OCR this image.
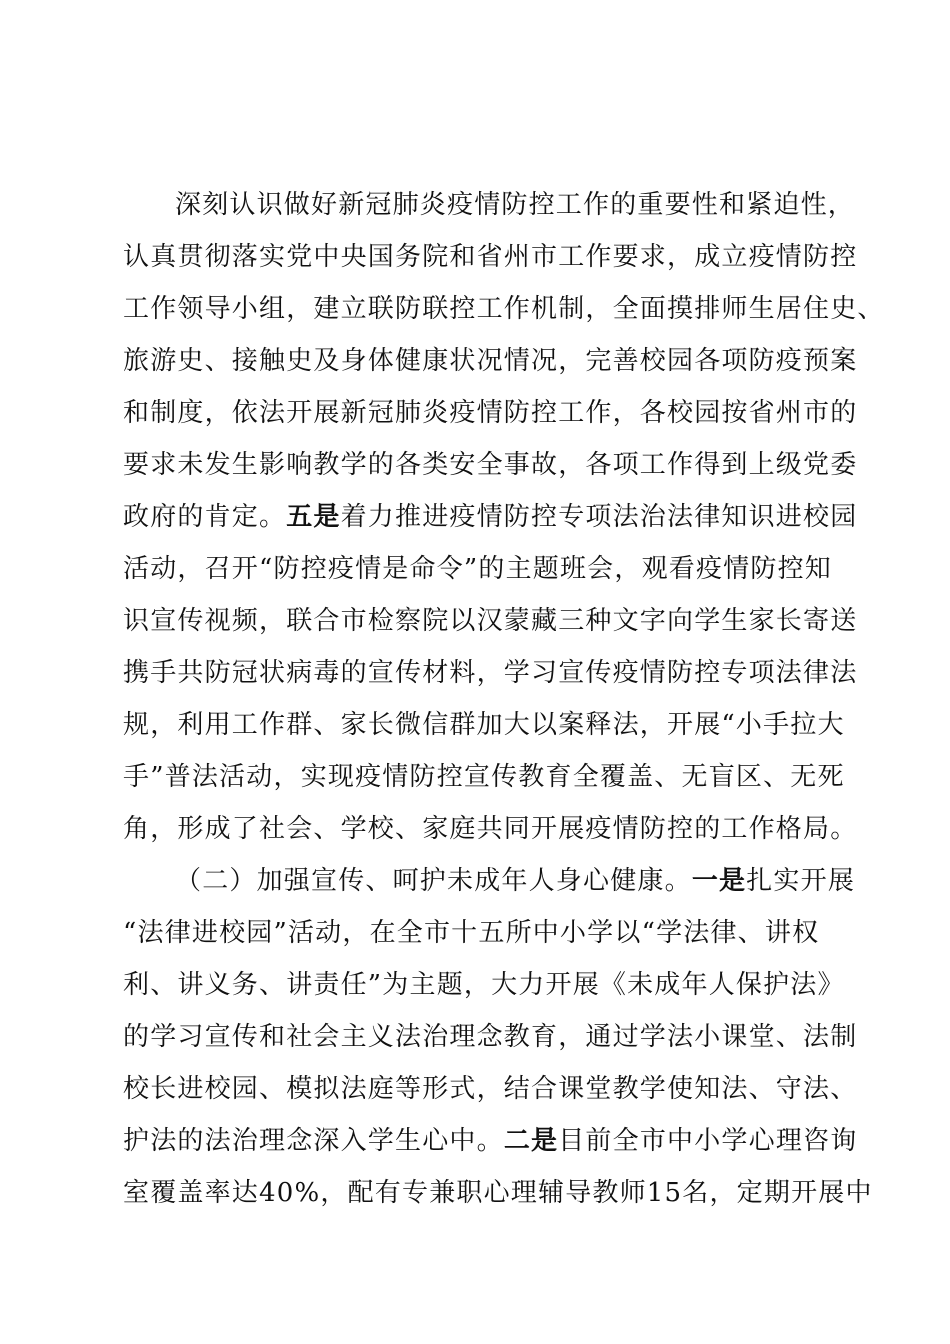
深刻认识做好新冠肺炎疫情防控工作的重要性和紧迫性，
认真贯彻落实党中央国务院和省州市工作要求，成立疫情防控
工作领导小组，建立联防联控工作机制，全面摸排师生居住史、
旅游史、接触史及身体健康状况情况，完善校园各项防疫预案
和制度，依法开展新冠肺炎疫情防控工作，各校园按省州市的
要求未发生影响教学的各类安全事故，各项工作得到上级党委
政府的肯定。五是着力推进疫情防控专项法治法律知识进校园
活动，召开“防控疫情是命令”的主题班会，观看疫情防控知
识宣传视频，联合市检察院以汉蒙藏三种文字向学生家长寄送
携手共防冠状病毒的宣传材料，学习宣传疫情防控专项法律法
规，利用工作群、家长微信群加大以案释法，开展“小手拉大
手”普法活动，实现疫情防控宣传教育全覆盖、无盲区、无死
角，形成了社会、学校、家庭共同开展疫情防控的工作格局。
（二）加强宣传、呵护未成年人身心健康。一是扎实开展
“法律进校园”活动，在全市十五所中小学以“学法律、讲权
利、讲义务、讲责任”为主题，大力开展《未成年人保护法》
的学习宣传和社会主义法治理念教育，通过学法小课堂、法制
校长进校园、模拟法庭等形式，结合课堂教学使知法、守法、
护法的法治理念深入学生心中。二是目前全市中小学心理咨询
室覆盖率达40%，配有专兼职心理辅导教师15名，定期开展中
